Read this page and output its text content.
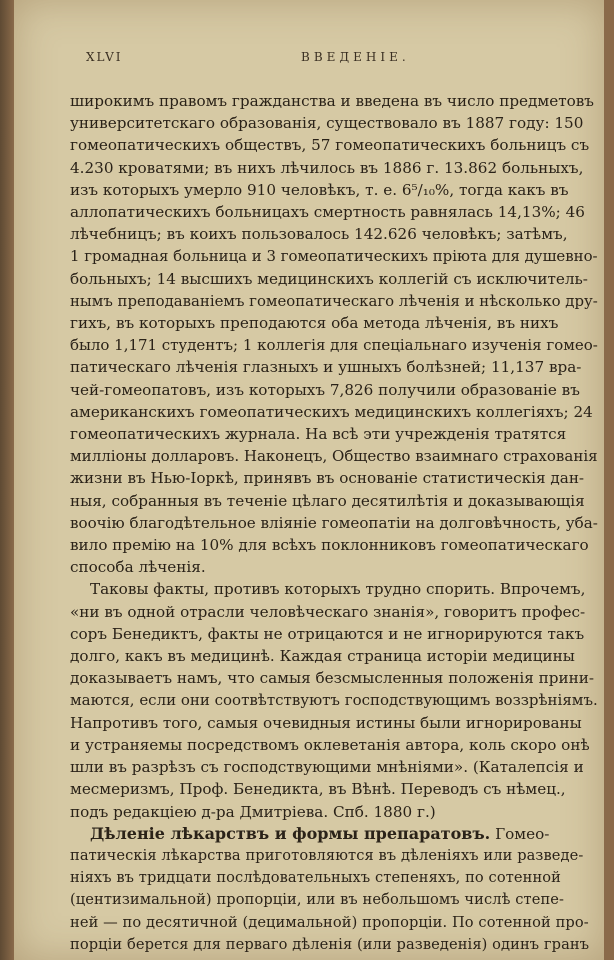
XLVI	ВВЕДЕНIЕ.
широкимъ правомъ гражданства и введена въ число предметовъ
университетскаго образованія, существовало въ 1887 году: 150
гомеопатическихъ обществъ, 57 гомеопатическихъ больницъ съ
4.230 кроватями; въ нихъ лѣчилось въ 1886 г. 13.862 больныхъ,
изъ которыхъ умерло 910 человѣкъ, т. е. 6⁵/₁₀%, тогда какъ въ
аллопатическихъ больницахъ смертность равнялась 14,13%; 46
лѣчебницъ; въ коихъ пользовалось 142.626 человѣкъ; затѣмъ,
1 громадная больница и 3 гомеопатическихъ пріюта для душевно-
больныхъ; 14 высшихъ медицинскихъ коллегій съ исключитель-
нымъ преподаваніемъ гомеопатическаго лѣченія и нѣсколько дру-
гихъ, въ которыхъ преподаются оба метода лѣченія, въ нихъ
было 1,171 студентъ; 1 коллегія для спеціальнаго изученія гомео-
патическаго лѣченія глазныхъ и ушныхъ болѣзней; 11,137 вра-
чей-гомеопатовъ, изъ которыхъ 7,826 получили образованіе въ
американскихъ гомеопатическихъ медицинскихъ коллегіяхъ; 24
гомеопатическихъ журнала. На всѣ эти учрежденія тратятся
милліоны долларовъ. Наконецъ, Общество взаимнаго страхованія
жизни въ Нью-Іоркѣ, принявъ въ основаніе статистическія дан-
ныя, собранныя въ теченіе цѣлаго десятилѣтія и доказывающія
воочію благодѣтельное вліяніе гомеопатіи на долговѣчность, уба-
вило премію на 10% для всѣхъ поклонниковъ гомеопатическаго
способа лѣченія.
Таковы факты, противъ которыхъ трудно спорить. Впрочемъ,
«ни въ одной отрасли человѣческаго знанія», говоритъ профес-
соръ Бенедиктъ, факты не отрицаются и не игнорируются такъ
долго, какъ въ медицинѣ. Каждая страница исторіи медицины
доказываетъ намъ, что самыя безсмысленныя положенія прини-
маются, если они соотвѣтствуютъ господствующимъ воззрѣніямъ.
Напротивъ того, самыя очевидныя истины были игнорированы
и устраняемы посредствомъ оклеветанія автора, коль скоро онѣ
шли въ разрѣзъ съ господствующими мнѣніями». (Каталепсія и
месмеризмъ, Проф. Бенедикта, въ Вѣнѣ. Переводъ съ нѣмец.,
подъ редакціею д-ра Дмитріева. Спб. 1880 г.)
Дѣленіе лѣкарствъ и формы препаратовъ. Гомео-
патическія лѣкарства приготовляются въ дѣленіяхъ или разведе-
ніяхъ въ тридцати послѣдовательныхъ степеняхъ, по сотенной
(центизимальной) пропорціи, или въ небольшомъ числѣ степе-
ней — по десятичной (децимальной) пропорціи. По сотенной про-
порціи берется для перваго дѣленія (или разведенія) одинъ гранъ
